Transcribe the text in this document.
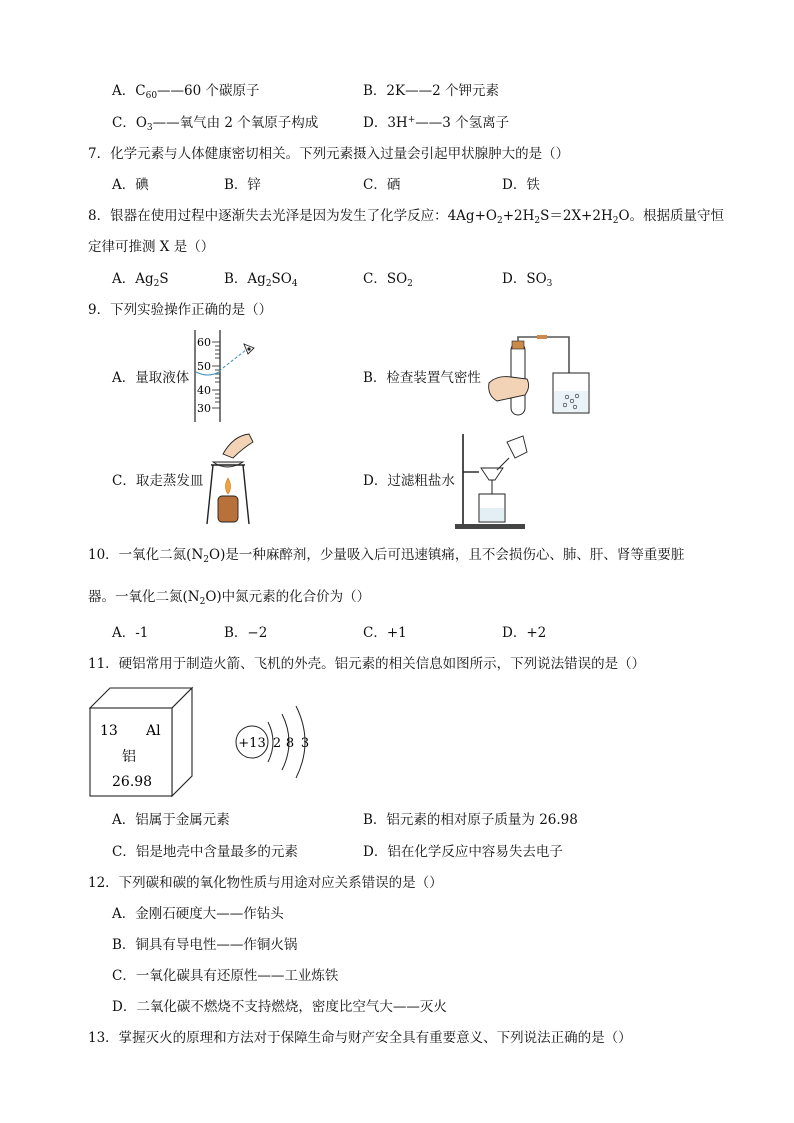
A．$C_{60}——60$ 个碳原子	B．2K——2 个钾元素
C．$O_3——$氧气由 2 个氧原子构成	D．3H+——3 个氢离子
7．化学元素与人体健康密切相关。下列元素摄入过量会引起甲状腺肿大的是（）
A．碘	B．锌	C．硒	D．铁
8．银器在使用过程中逐渐失去光泽是因为发生了化学反应：$4Ag+O_2+2H_2S=2X+2H_2O$。根据质量守恒
定律可推测 X 是（）
A．$Ag_2S$	B．$Ag_2SO_4$	C．$SO_2$	D．$SO_3$
9．下列实验操作正确的是（）
A．量取液体
60
50
40
30
B．检查装置气密性
C．取走蒸发皿	D．过滤粗盐水
10．一氧化二氮$(N_2O)$是一种麻醉剂，少量吸入后可迅速镇痛，且不会损伤心、肺、肝、肾等重要脏
器。一氧化二氮$(N_2O)$中氮元素的化合价为（）
A．-1	B．−2	C．+1	D．+2
11．硬铝常用于制造火箭、飞机的外壳。铝元素的相关信息如图所示，下列说法错误的是（）
13 Al
铝
26.98
+13 2 8 3
A．铝属于金属元素	B．铝元素的相对原子质量为 26.98
C．铝是地壳中含量最多的元素	D．铝在化学反应中容易失去电子
12．下列碳和碳的氧化物性质与用途对应关系错误的是（）
A．金刚石硬度大——作钻头
B．铜具有导电性——作铜火锅
C．一氧化碳具有还原性——工业炼铁
D．二氧化碳不燃烧不支持燃烧，密度比空气大——灭火
13．掌握灭火的原理和方法对于保障生命与财产安全具有重要意义、下列说法正确的是（）
